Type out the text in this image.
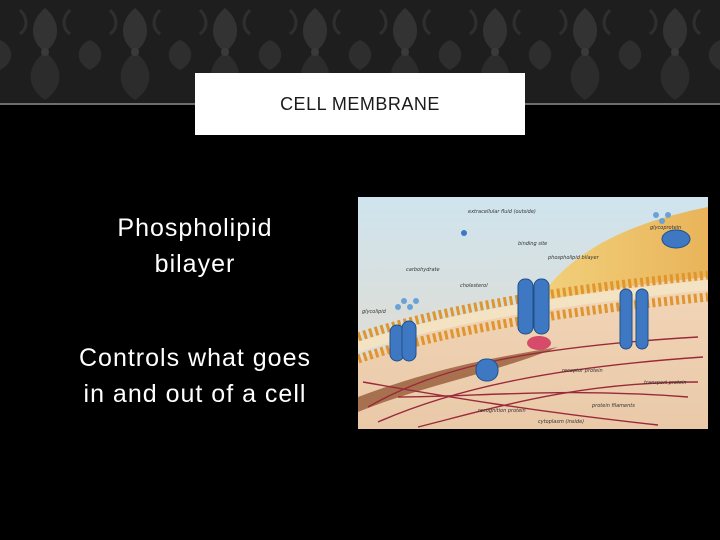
CELL MEMBRANE
Phospholipid
bilayer
Controls what goes
in and out of a cell
extracellular fluid (outside)
glycoprotein
binding site
phospholipid bilayer
carbohydrate
cholesterol
glycolipid
receptor protein
transport protein
protein filaments
recognition protein
cytoplasm (inside)
